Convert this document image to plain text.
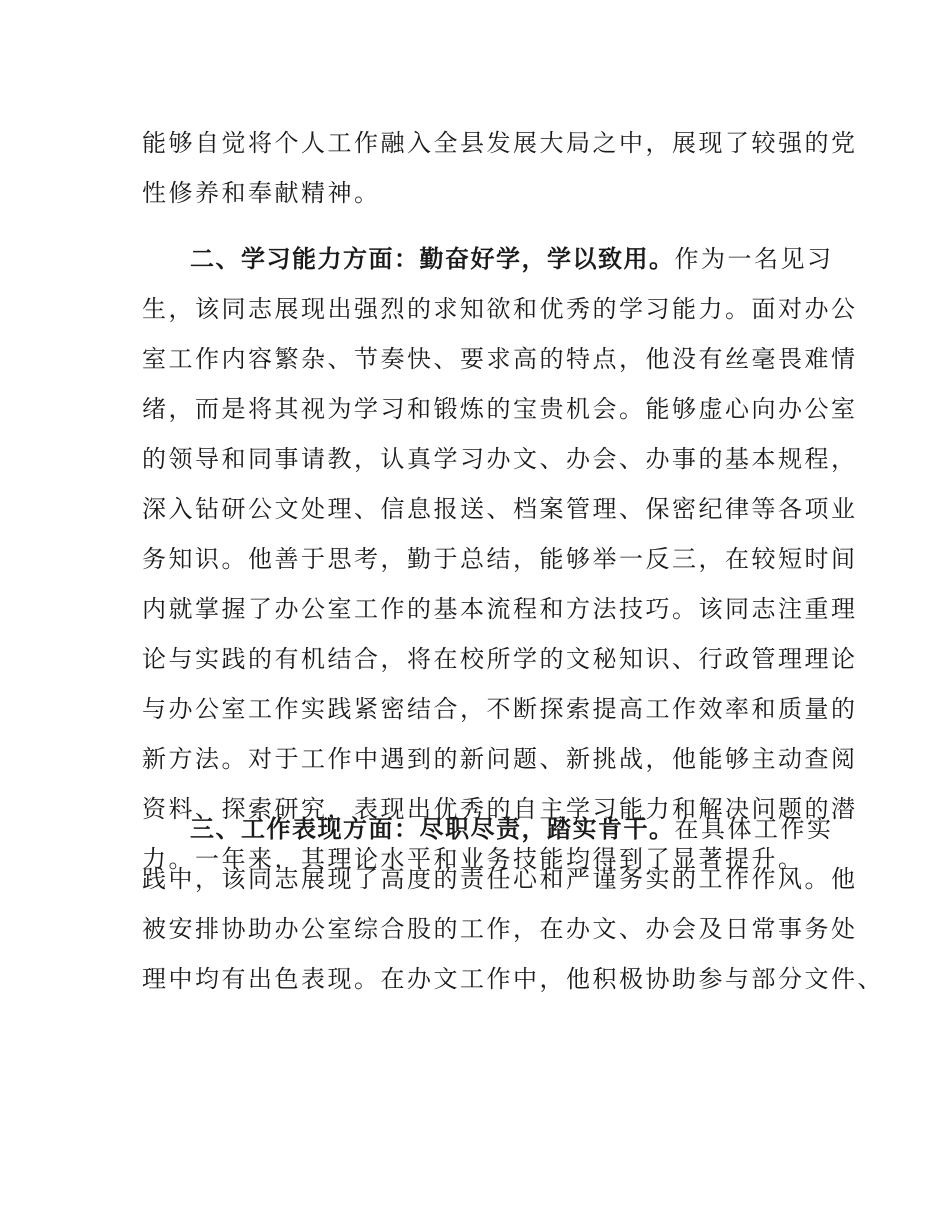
能够自觉将个人工作融入全县发展大局之中，展现了较强的党
性修养和奉献精神。
二、学习能力方面：勤奋好学，学以致用。作为一名见习
生，该同志展现出强烈的求知欲和优秀的学习能力。面对办公
室工作内容繁杂、节奏快、要求高的特点，他没有丝毫畏难情
绪，而是将其视为学习和锻炼的宝贵机会。能够虚心向办公室
的领导和同事请教，认真学习办文、办会、办事的基本规程，
深入钻研公文处理、信息报送、档案管理、保密纪律等各项业
务知识。他善于思考，勤于总结，能够举一反三，在较短时间
内就掌握了办公室工作的基本流程和方法技巧。该同志注重理
论与实践的有机结合，将在校所学的文秘知识、行政管理理论
与办公室工作实践紧密结合，不断探索提高工作效率和质量的
新方法。对于工作中遇到的新问题、新挑战，他能够主动查阅
资料、探索研究，表现出优秀的自主学习能力和解决问题的潜
力。一年来，其理论水平和业务技能均得到了显著提升。
三、工作表现方面：尽职尽责，踏实肯干。在具体工作实
践中，该同志展现了高度的责任心和严谨务实的工作作风。他
被安排协助办公室综合股的工作，在办文、办会及日常事务处
理中均有出色表现。在办文工作中，他积极协助参与部分文件、
